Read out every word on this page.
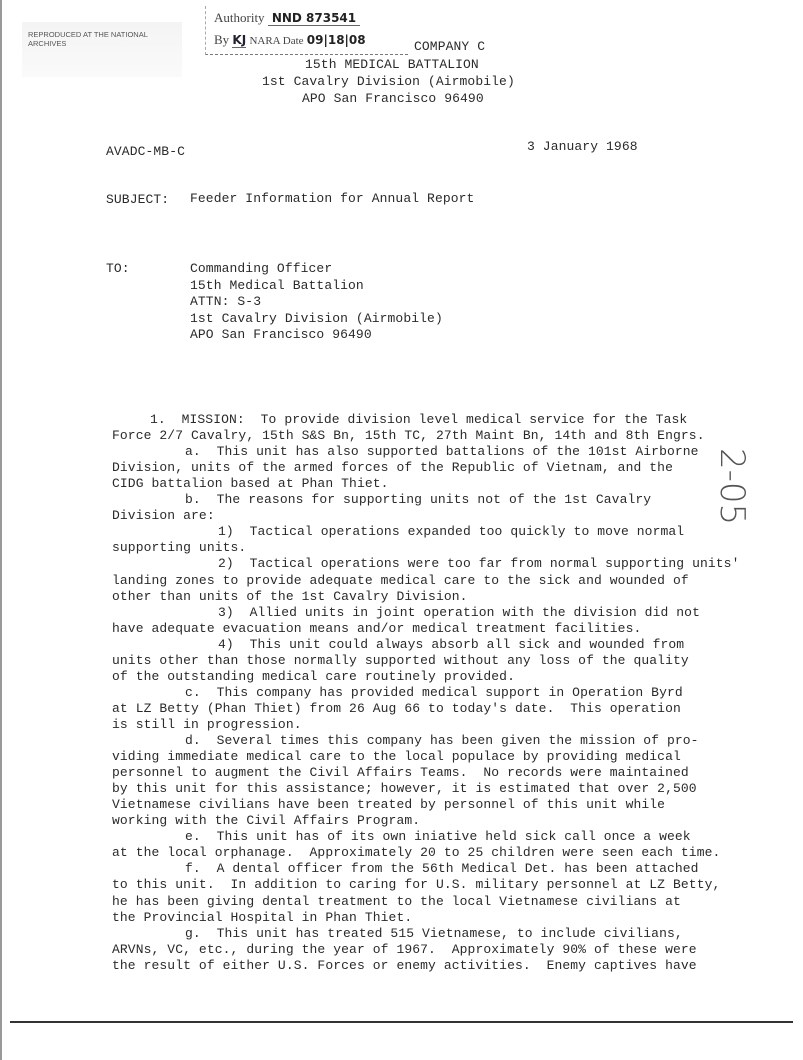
REPRODUCED AT THE NATIONAL ARCHIVES
Authority NND 873541
By KJ NARA Date 09|18|08	COMPANY C
15th MEDICAL BATTALION
1st Cavalry Division (Airmobile)
APO San Francisco 96490
AVADC-MB-C	3 January 1968
SUBJECT: Feeder Information for Annual Report
TO:	Commanding Officer
15th Medical Battalion
ATTN: S-3
1st Cavalry Division (Airmobile)
APO San Francisco 96490
1.  MISSION:  To provide division level medical service for the Task
Force 2/7 Cavalry, 15th S&S Bn, 15th TC, 27th Maint Bn, 14th and 8th Engrs.
a.  This unit has also supported battalions of the 101st Airborne
Division, units of the armed forces of the Republic of Vietnam, and the
CIDG battalion based at Phan Thiet.
b.  The reasons for supporting units not of the 1st Cavalry
Division are:
1)  Tactical operations expanded too quickly to move normal
supporting units.
2)  Tactical operations were too far from normal supporting units'
landing zones to provide adequate medical care to the sick and wounded of
other than units of the 1st Cavalry Division.
3)  Allied units in joint operation with the division did not
have adequate evacuation means and/or medical treatment facilities.
4)  This unit could always absorb all sick and wounded from
units other than those normally supported without any loss of the quality
of the outstanding medical care routinely provided.
c.  This company has provided medical support in Operation Byrd
at LZ Betty (Phan Thiet) from 26 Aug 66 to today's date.  This operation
is still in progression.
d.  Several times this company has been given the mission of pro-
viding immediate medical care to the local populace by providing medical
personnel to augment the Civil Affairs Teams.  No records were maintained
by this unit for this assistance; however, it is estimated that over 2,500
Vietnamese civilians have been treated by personnel of this unit while
working with the Civil Affairs Program.
e.  This unit has of its own iniative held sick call once a week
at the local orphanage.  Approximately 20 to 25 children were seen each time.
f.  A dental officer from the 56th Medical Det. has been attached
to this unit.  In addition to caring for U.S. military personnel at LZ Betty,
he has been giving dental treatment to the local Vietnamese civilians at
the Provincial Hospital in Phan Thiet.
g.  This unit has treated 515 Vietnamese, to include civilians,
ARVNs, VC, etc., during the year of 1967.  Approximately 90% of these were
the result of either U.S. Forces or enemy activities.  Enemy captives have
2-05
